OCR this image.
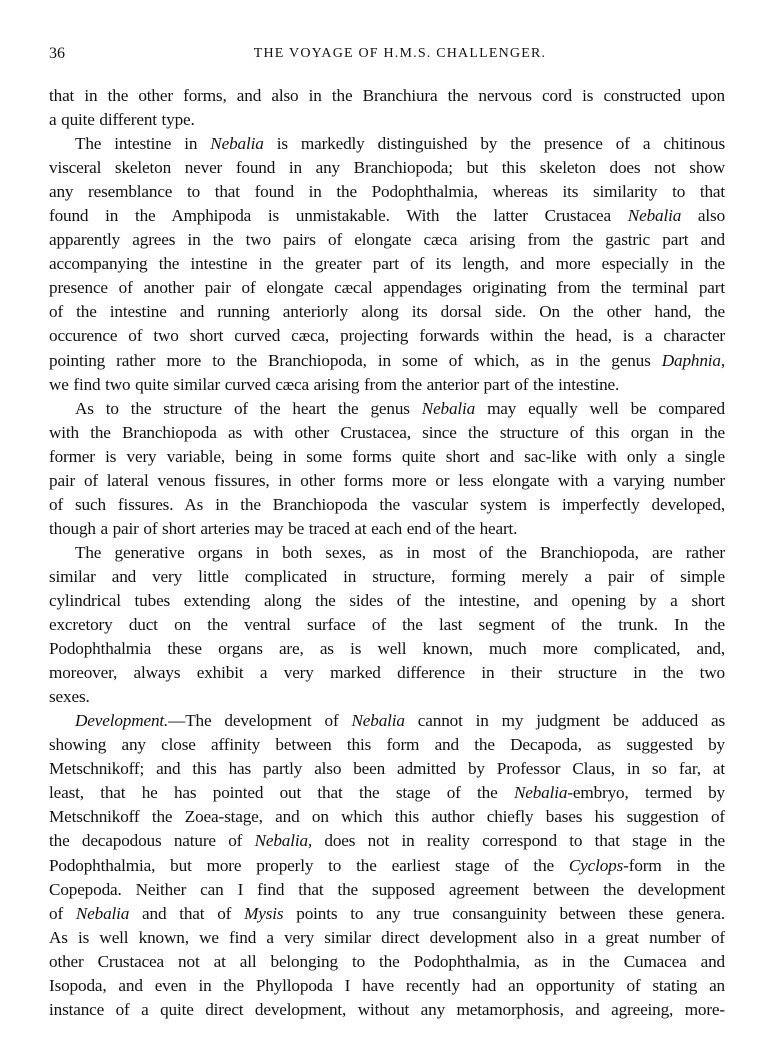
36	THE VOYAGE OF H.M.S. CHALLENGER.
that in the other forms, and also in the Branchiura the nervous cord is constructed upon
a quite different type.
The intestine in Nebalia is markedly distinguished by the presence of a chitinous
visceral skeleton never found in any Branchiopoda; but this skeleton does not show
any resemblance to that found in the Podophthalmia, whereas its similarity to that
found in the Amphipoda is unmistakable. With the latter Crustacea Nebalia also
apparently agrees in the two pairs of elongate cæca arising from the gastric part and
accompanying the intestine in the greater part of its length, and more especially in the
presence of another pair of elongate cæcal appendages originating from the terminal part
of the intestine and running anteriorly along its dorsal side. On the other hand, the
occurence of two short curved cæca, projecting forwards within the head, is a character
pointing rather more to the Branchiopoda, in some of which, as in the genus Daphnia,
we find two quite similar curved cæca arising from the anterior part of the intestine.
As to the structure of the heart the genus Nebalia may equally well be compared
with the Branchiopoda as with other Crustacea, since the structure of this organ in the
former is very variable, being in some forms quite short and sac-like with only a single
pair of lateral venous fissures, in other forms more or less elongate with a varying number
of such fissures. As in the Branchiopoda the vascular system is imperfectly developed,
though a pair of short arteries may be traced at each end of the heart.
The generative organs in both sexes, as in most of the Branchiopoda, are rather
similar and very little complicated in structure, forming merely a pair of simple
cylindrical tubes extending along the sides of the intestine, and opening by a short
excretory duct on the ventral surface of the last segment of the trunk. In the
Podophthalmia these organs are, as is well known, much more complicated, and,
moreover, always exhibit a very marked difference in their structure in the two
sexes.
Development.—The development of Nebalia cannot in my judgment be adduced as
showing any close affinity between this form and the Decapoda, as suggested by
Metschnikoff; and this has partly also been admitted by Professor Claus, in so far, at
least, that he has pointed out that the stage of the Nebalia-embryo, termed by
Metschnikoff the Zoea-stage, and on which this author chiefly bases his suggestion of
the decapodous nature of Nebalia, does not in reality correspond to that stage in the
Podophthalmia, but more properly to the earliest stage of the Cyclops-form in the
Copepoda. Neither can I find that the supposed agreement between the development
of Nebalia and that of Mysis points to any true consanguinity between these genera.
As is well known, we find a very similar direct development also in a great number of
other Crustacea not at all belonging to the Podophthalmia, as in the Cumacea and
Isopoda, and even in the Phyllopoda I have recently had an opportunity of stating an
instance of a quite direct development, without any metamorphosis, and agreeing, more-
